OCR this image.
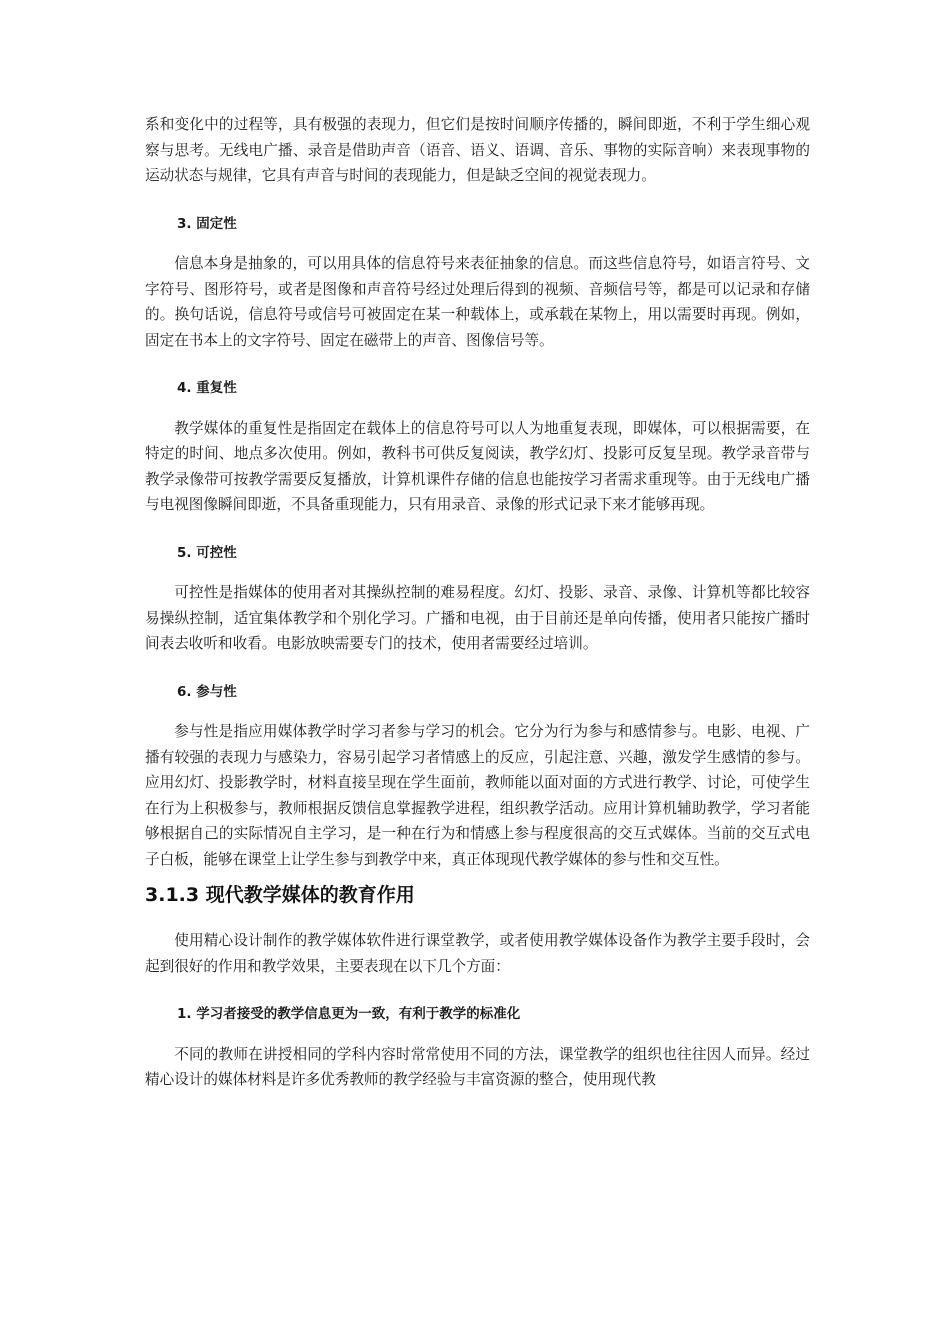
系和变化中的过程等，具有极强的表现力，但它们是按时间顺序传播的，瞬间即逝，不利于学生细心观察与思考。无线电广播、录音是借助声音（语音、语义、语调、音乐、事物的实际音响）来表现事物的运动状态与规律，它具有声音与时间的表现能力，但是缺乏空间的视觉表现力。

3. 固定性

信息本身是抽象的，可以用具体的信息符号来表征抽象的信息。而这些信息符号，如语言符号、文字符号、图形符号，或者是图像和声音符号经过处理后得到的视频、音频信号等，都是可以记录和存储的。换句话说，信息符号或信号可被固定在某一种载体上，或承载在某物上，用以需要时再现。例如，固定在书本上的文字符号、固定在磁带上的声音、图像信号等。

4. 重复性

教学媒体的重复性是指固定在载体上的信息符号可以人为地重复表现，即媒体，可以根据需要，在特定的时间、地点多次使用。例如，教科书可供反复阅读，教学幻灯、投影可反复呈现。教学录音带与教学录像带可按教学需要反复播放，计算机课件存储的信息也能按学习者需求重现等。由于无线电广播与电视图像瞬间即逝，不具备重现能力，只有用录音、录像的形式记录下来才能够再现。

5. 可控性

可控性是指媒体的使用者对其操纵控制的难易程度。幻灯、投影、录音、录像、计算机等都比较容易操纵控制，适宜集体教学和个别化学习。广播和电视，由于目前还是单向传播，使用者只能按广播时间表去收听和收看。电影放映需要专门的技术，使用者需要经过培训。

6. 参与性

参与性是指应用媒体教学时学习者参与学习的机会。它分为行为参与和感情参与。电影、电视、广播有较强的表现力与感染力，容易引起学习者情感上的反应，引起注意、兴趣，激发学生感情的参与。应用幻灯、投影教学时，材料直接呈现在学生面前，教师能以面对面的方式进行教学、讨论，可使学生在行为上积极参与，教师根据反馈信息掌握教学进程，组织教学活动。应用计算机辅助教学，学习者能够根据自己的实际情况自主学习，是一种在行为和情感上参与程度很高的交互式媒体。当前的交互式电子白板，能够在课堂上让学生参与到教学中来，真正体现现代教学媒体的参与性和交互性。

3.1.3 现代教学媒体的教育作用

使用精心设计制作的教学媒体软件进行课堂教学，或者使用教学媒体设备作为教学主要手段时，会起到很好的作用和教学效果，主要表现在以下几个方面：

1. 学习者接受的教学信息更为一致，有利于教学的标准化

不同的教师在讲授相同的学科内容时常常使用不同的方法，课堂教学的组织也往往因人而异。经过精心设计的媒体材料是许多优秀教师的教学经验与丰富资源的整合，使用现代教
